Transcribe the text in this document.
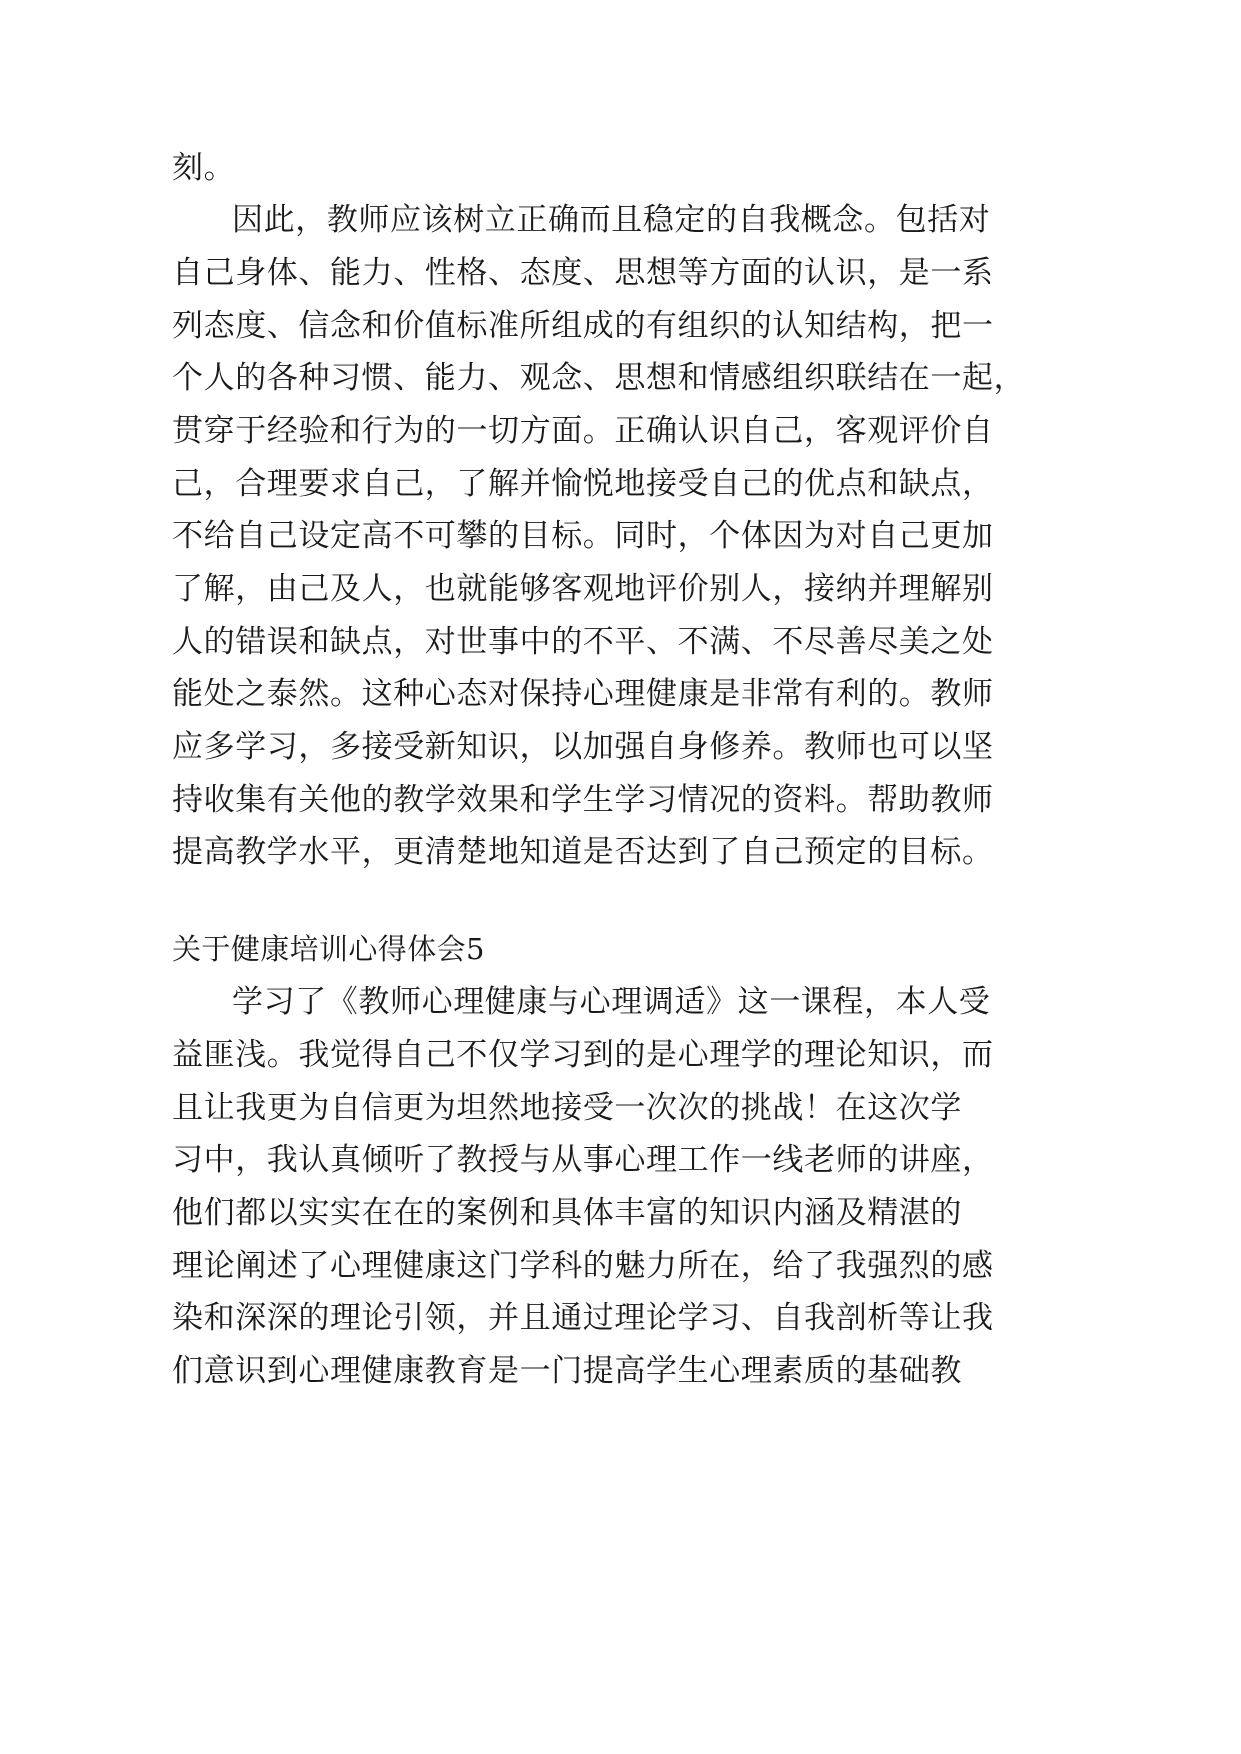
刻。
因此，教师应该树立正确而且稳定的自我概念。包括对
自己身体、能力、性格、态度、思想等方面的认识，是一系
列态度、信念和价值标准所组成的有组织的认知结构，把一
个人的各种习惯、能力、观念、思想和情感组织联结在一起，
贯穿于经验和行为的一切方面。正确认识自己，客观评价自
己，合理要求自己，了解并愉悦地接受自己的优点和缺点，
不给自己设定高不可攀的目标。同时，个体因为对自己更加
了解，由己及人，也就能够客观地评价别人，接纳并理解别
人的错误和缺点，对世事中的不平、不满、不尽善尽美之处
能处之泰然。这种心态对保持心理健康是非常有利的。教师
应多学习，多接受新知识，以加强自身修养。教师也可以坚
持收集有关他的教学效果和学生学习情况的资料。帮助教师
提高教学水平，更清楚地知道是否达到了自己预定的目标。
关于健康培训心得体会5
学习了《教师心理健康与心理调适》这一课程，本人受
益匪浅。我觉得自己不仅学习到的是心理学的理论知识，而
且让我更为自信更为坦然地接受一次次的挑战！在这次学
习中，我认真倾听了教授与从事心理工作一线老师的讲座，
他们都以实实在在的案例和具体丰富的知识内涵及精湛的
理论阐述了心理健康这门学科的魅力所在，给了我强烈的感
染和深深的理论引领，并且通过理论学习、自我剖析等让我
们意识到心理健康教育是一门提高学生心理素质的基础教
